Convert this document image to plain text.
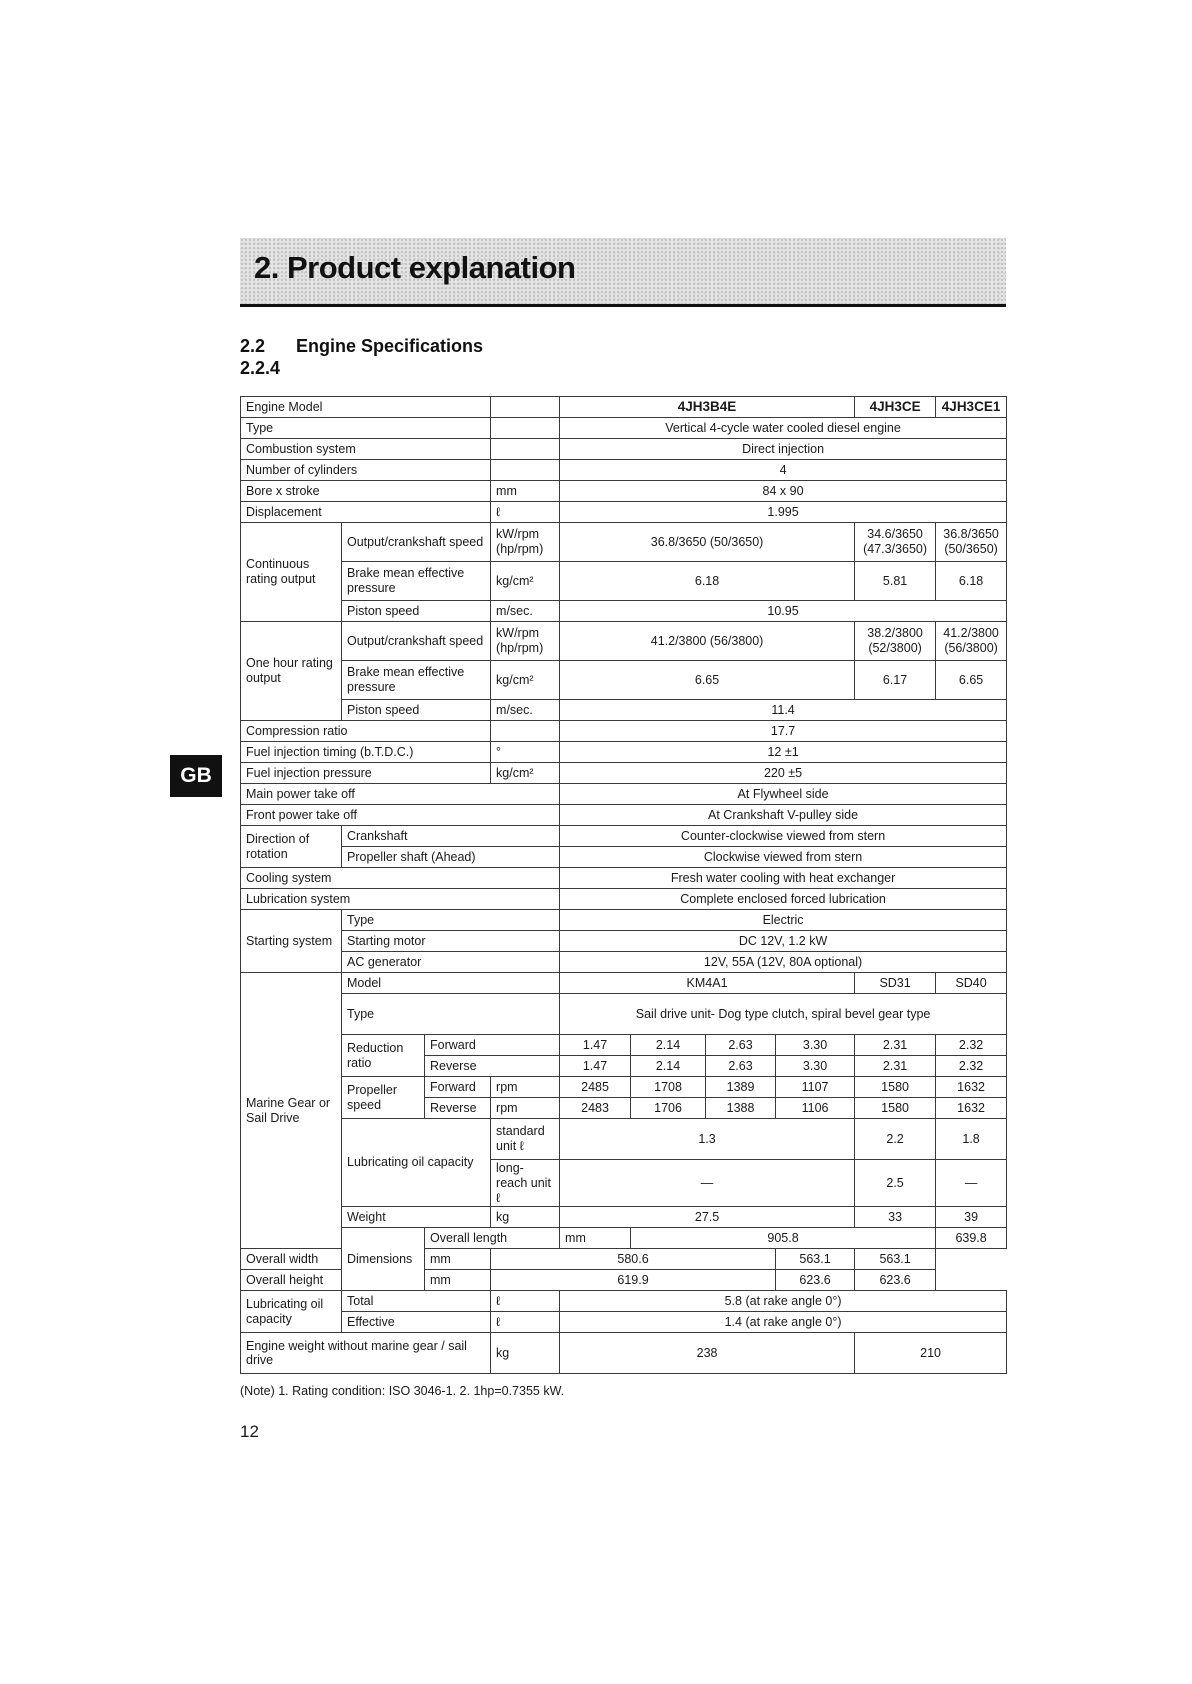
2. Product explanation
2.2 Engine Specifications
2.2.4
GB
Engine Model				4JH3B4E				4JH3CE	4JH3CE1	
Type				Vertical 4-cycle water cooled diesel engine						
Combustion system				Direct injection						
Number of cylinders				4						
Bore x stroke			mm	84 x 90						
Displacement			ℓ	1.995						
Continuous rating output	Output/crankshaft speed		kW/rpm (hp/rpm)	36.8/3650 (50/3650)				34.6/3650 (47.3/3650)	36.8/3650 (50/3650)	
	Brake mean effective pressure		kg/cm²	6.18				5.81	6.18	
	Piston speed		m/sec.	10.95						
One hour rating output	Output/crankshaft speed		kW/rpm (hp/rpm)	41.2/3800 (56/3800)				38.2/3800 (52/3800)	41.2/3800 (56/3800)	
	Brake mean effective pressure		kg/cm²	6.65				6.17	6.65	
	Piston speed		m/sec.	11.4						
Compression ratio				17.7						
Fuel injection timing (b.T.D.C.)			°	12 ±1						
Fuel injection pressure			kg/cm²	220 ±5						
Main power take off				At Flywheel side						
Front power take off				At Crankshaft V-pulley side						
Direction of rotation	Crankshaft			Counter-clockwise viewed from stern						
	Propeller shaft (Ahead)			Clockwise viewed from stern						
Cooling system				Fresh water cooling with heat exchanger						
Lubrication system				Complete enclosed forced lubrication						
Starting system	Type			Electric						
	Starting motor			DC 12V, 1.2 kW						
	AC generator			12V, 55A (12V, 80A optional)						
Marine Gear or Sail Drive	Model			KM4A1				SD31	SD40	
	Type			Sail drive unit- Dog type clutch, spiral bevel gear type						
	Reduction ratio	Forward		1.47	2.14	2.63	3.30	2.31	2.32	
		Reverse		1.47	2.14	2.63	3.30	2.31	2.32	
	Propeller speed	Forward	rpm	2485	1708	1389	1107	1580	1632	
		Reverse	rpm	2483	1706	1388	1106	1580	1632	
	Lubricating oil capacity		standard unit ℓ	1.3				2.2	1.8	
			long-reach unit ℓ	—				2.5	—	
	Weight		kg	27.5				33	39	
	Dimensions	Overall length		mm	905.8				639.8	
Overall width		mm	580.6				563.1	563.1		
Overall height		mm	619.9				623.6	623.6		
Lubricating oil capacity	Total		ℓ	5.8 (at rake angle 0°)						
	Effective		ℓ	1.4 (at rake angle 0°)						
Engine weight without marine gear / sail drive			kg	238				210		
(Note) 1. Rating condition: ISO 3046-1. 2. 1hp=0.7355 kW.
12
